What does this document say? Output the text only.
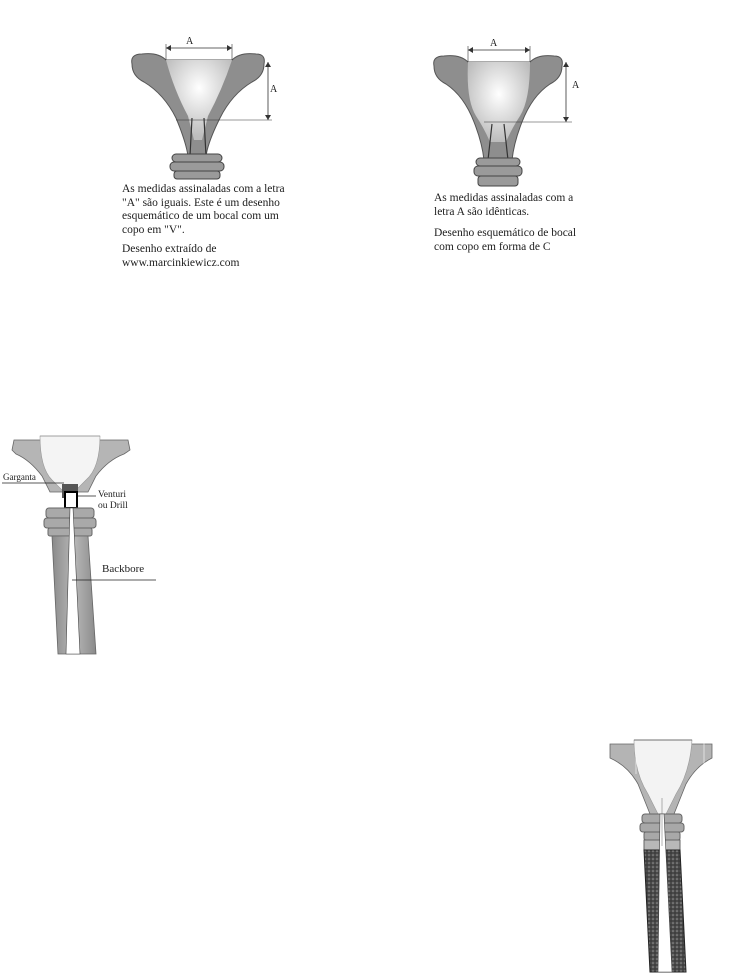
A
A

As medidas assinaladas com a letra "A" são iguais. Este é um desenho esquemático de um bocal com um copo em "V".

Desenho extraído de www.marcinkiewicz.com

A
A

As medidas assinaladas com a letra A são idênticas.

Desenho esquemático de bocal com copo em forma de C

Garganta
Venturi
ou Drill
Backbore
